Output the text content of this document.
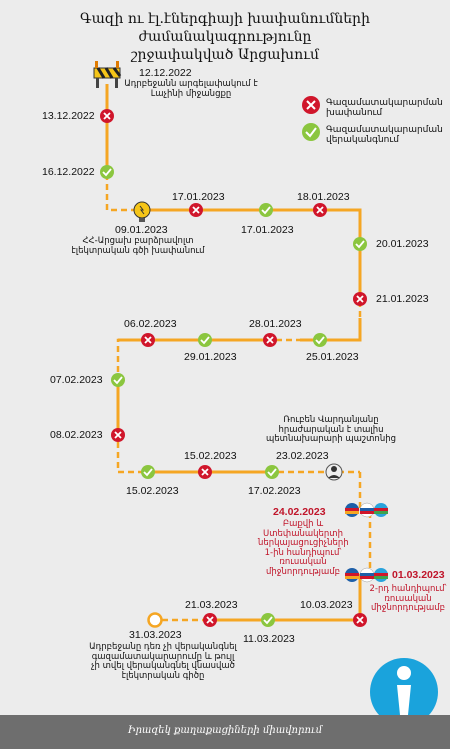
Գազի ու էլ.էներգիայի խափանումների ժամանակագրությունը
շրջափակված Արցախում
Գազամատակարարման խափանում
Գազամատակարարման վերականգնում
12.12.2022
Ադրբեջանն արգելափակում է Լաչինի միջանցքը
13.12.2022
16.12.2022
09.01.2023
ՀՀ-Արցախ բարձրավոլտ էլեկտրական գծի խափանում
17.01.2023
17.01.2023
18.01.2023
20.01.2023
21.01.2023
28.01.2023
25.01.2023
29.01.2023
06.02.2023
07.02.2023
08.02.2023
15.02.2023
15.02.2023
17.02.2023
Ռուբեն Վարդանյանը հրաժարական է տալիս պետնախարարի պաշտոնից
23.02.2023
24.02.2023
Բաքվի և Ստեփանակերտի ներկայացուցիչների 1-ին հանդիպում՝ ռուսական միջնորդությամբ	01.03.2023
2-րդ հանդիպում՝ ռուսական միջնորդությամբ
10.03.2023
11.03.2023
21.03.2023
31.03.2023
Ադրբեջանը դեռ չի վերականգնել գազամատակարարումը և թույլ չի տվել վերականգնել վնասված էլեկտրական գիծը
Իրազեկ քաղաքացիների միավորում
